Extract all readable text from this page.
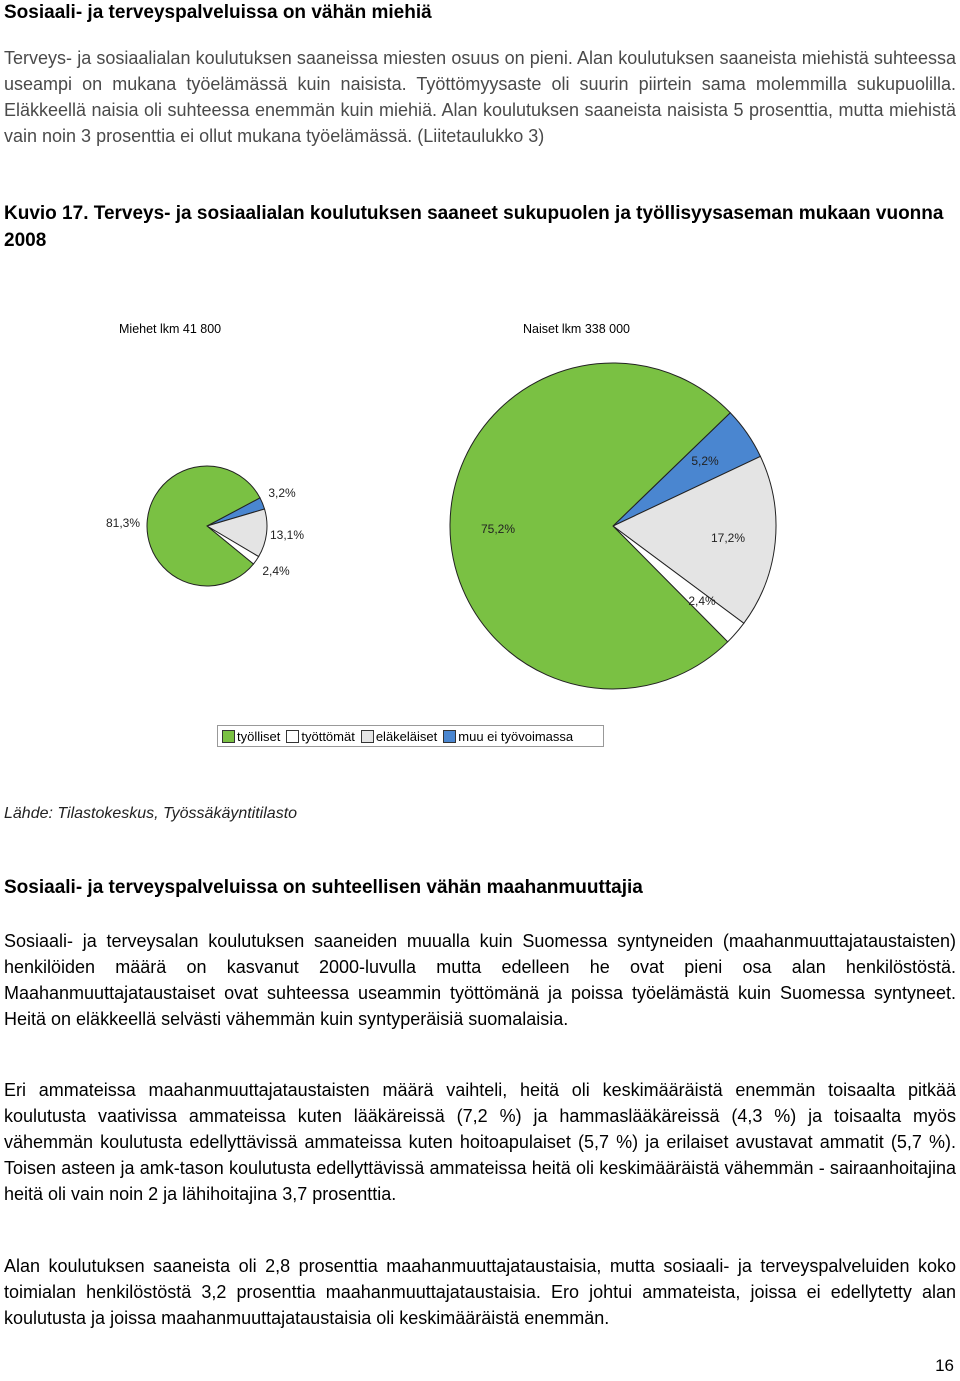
Sosiaali- ja terveyspalveluissa on vähän miehiä

Terveys- ja sosiaalialan koulutuksen saaneissa miesten osuus on pieni. Alan koulutuksen saaneista miehistä suhteessa useampi on mukana työelämässä kuin naisista. Työttömyysaste oli suurin piirtein sama molemmilla sukupuolilla. Eläkkeellä naisia oli suhteessa enemmän kuin miehiä. Alan koulutuksen saaneista naisista 5 prosenttia, mutta miehistä vain noin 3 prosenttia ei ollut mukana työelämässä. (Liitetaulukko 3)

Kuvio 17. Terveys- ja sosiaalialan koulutuksen saaneet sukupuolen ja työllisyysaseman mukaan vuonna 2008

Miehet lkm 41 800	Naiset lkm 338 000
81,3%
3,2%
13,1%
2,4%
75,2%
5,2%
17,2%
2,4%
työlliset työttömät eläkeläiset muu ei työvoimassa

Lähde: Tilastokeskus, Työssäkäyntitilasto

Sosiaali- ja terveyspalveluissa on suhteellisen vähän maahanmuuttajia

Sosiaali- ja terveysalan koulutuksen saaneiden muualla kuin Suomessa syntyneiden (maahanmuuttajataustaisten) henkilöiden määrä on kasvanut 2000-luvulla mutta edelleen he ovat pieni osa alan henkilöstöstä. Maahanmuuttajataustaiset ovat suhteessa useammin työttömänä ja poissa työelämästä kuin Suomessa syntyneet. Heitä on eläkkeellä selvästi vähemmän kuin syntyperäisiä suomalaisia.

Eri ammateissa maahanmuuttajataustaisten määrä vaihteli, heitä oli keskimääräistä enemmän toisaalta pitkää koulutusta vaativissa ammateissa kuten lääkäreissä (7,2 %) ja hammaslääkäreissä (4,3 %) ja toisaalta myös vähemmän koulutusta edellyttävissä ammateissa kuten hoitoapulaiset (5,7 %) ja erilaiset avustavat ammatit (5,7 %). Toisen asteen ja amk-tason koulutusta edellyttävissä ammateissa heitä oli keskimääräistä vähemmän - sairaanhoitajina heitä oli vain noin 2 ja lähihoitajina 3,7 prosenttia.

Alan koulutuksen saaneista oli 2,8 prosenttia maahanmuuttajataustaisia, mutta sosiaali- ja terveyspalveluiden koko toimialan henkilöstöstä 3,2 prosenttia maahanmuuttajataustaisia. Ero johtui ammateista, joissa ei edellytetty alan koulutusta ja joissa maahanmuuttajataustaisia oli keskimääräistä enemmän.

16
